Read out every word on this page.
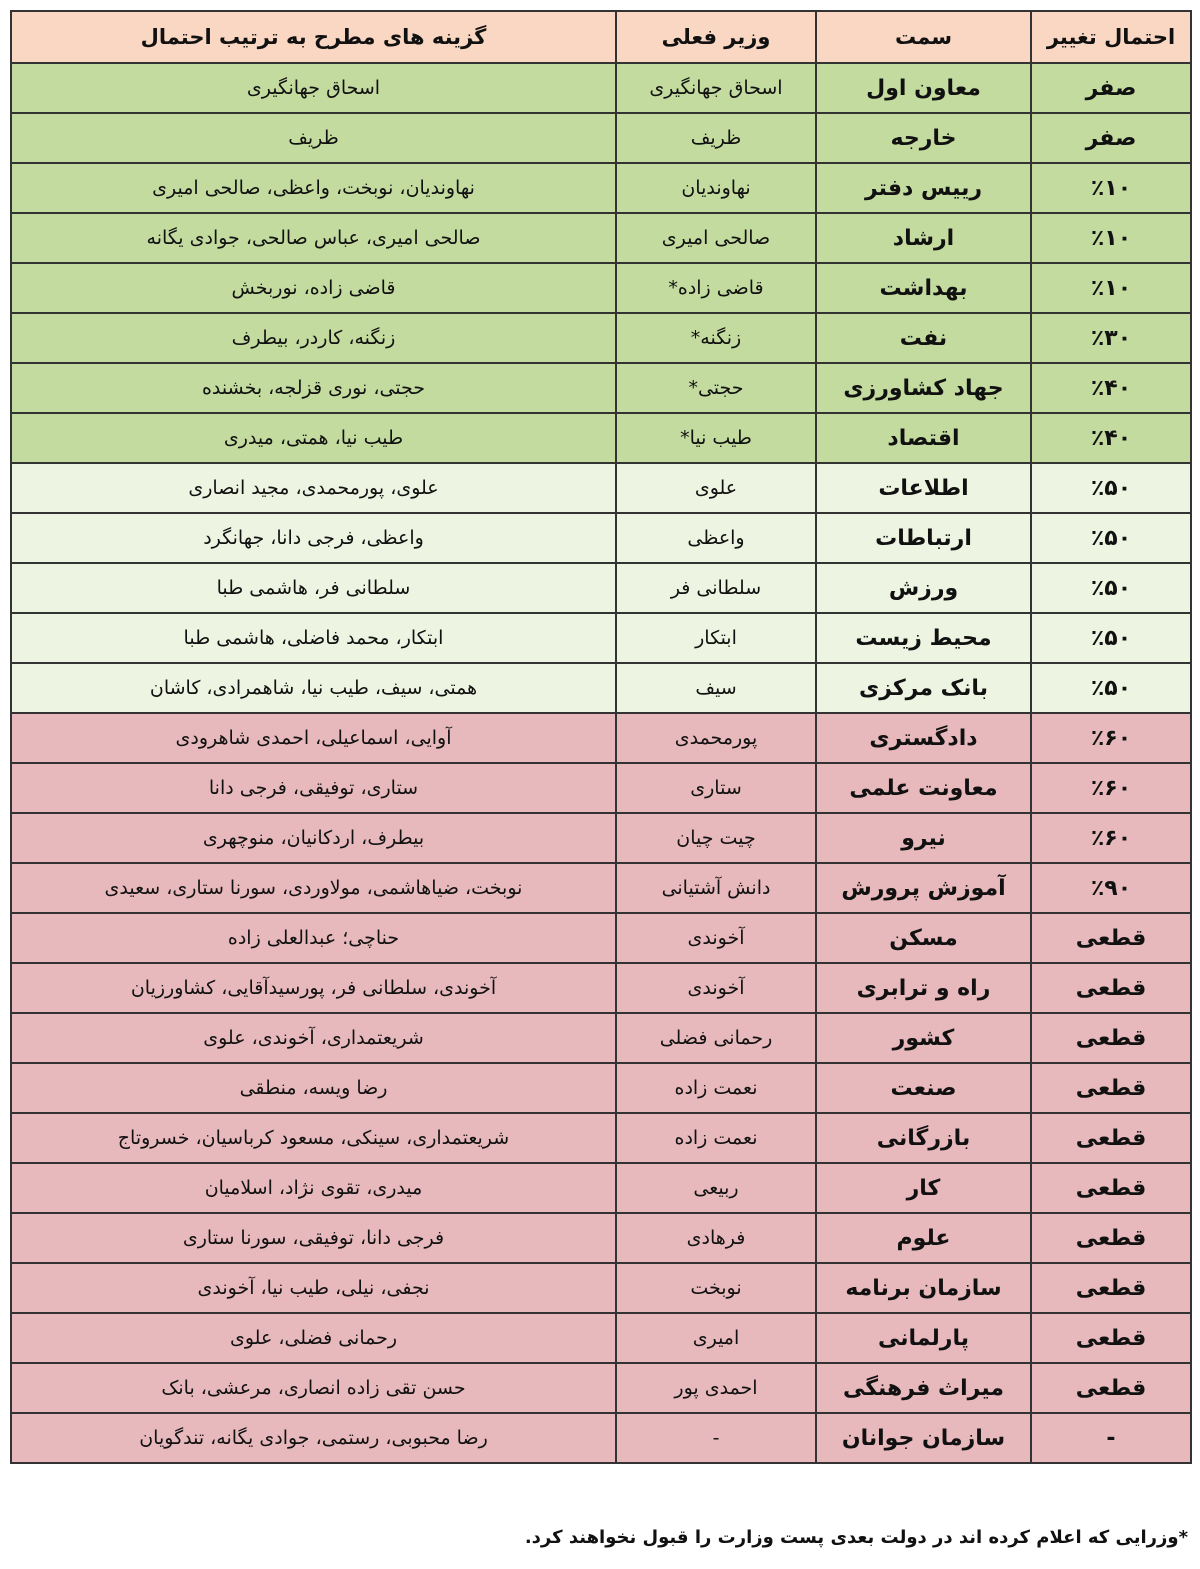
احتمال تغییر	سمت	وزیر فعلی	گزینه های مطرح به ترتیب احتمال
صفر	معاون اول	اسحاق جهانگیری	اسحاق جهانگیری
صفر	خارجه	ظریف	ظریف
٪۱۰	رییس دفتر	نهاوندیان	نهاوندیان، نوبخت، واعظی، صالحی امیری
٪۱۰	ارشاد	صالحی امیری	صالحی امیری، عباس صالحی، جوادی یگانه
٪۱۰	بهداشت	قاضی زاده*	قاضی زاده، نوربخش
٪۳۰	نفت	زنگنه*	زنگنه، کاردر، بیطرف
٪۴۰	جهاد کشاورزی	حجتی*	حجتی، نوری قزلجه، بخشنده
٪۴۰	اقتصاد	طیب نیا*	طیب نیا، همتی، میدری
٪۵۰	اطلاعات	علوی	علوی، پورمحمدی، مجید انصاری
٪۵۰	ارتباطات	واعظی	واعظی، فرجی دانا، جهانگرد
٪۵۰	ورزش	سلطانی فر	سلطانی فر، هاشمی طبا
٪۵۰	محیط زیست	ابتکار	ابتکار، محمد فاضلی، هاشمی طبا
٪۵۰	بانک مرکزی	سیف	همتی، سیف، طیب نیا، شاهمرادی، کاشان
٪۶۰	دادگستری	پورمحمدی	آوایی، اسماعیلی، احمدی شاهرودی
٪۶۰	معاونت علمی	ستاری	ستاری، توفیقی، فرجی دانا
٪۶۰	نیرو	چیت چیان	بیطرف، اردکانیان، منوچهری
٪۹۰	آموزش پرورش	دانش آشتیانی	نوبخت، ضیاهاشمی، مولاوردی، سورنا ستاری، سعیدی
قطعی	مسکن	آخوندی	حناچی؛ عبدالعلی زاده
قطعی	راه و ترابری	آخوندی	آخوندی، سلطانی فر، پورسیدآقایی، کشاورزیان
قطعی	کشور	رحمانی فضلی	شریعتمداری، آخوندی، علوی
قطعی	صنعت	نعمت زاده	رضا ویسه، منطقی
قطعی	بازرگانی	نعمت زاده	شریعتمداری، سینکی، مسعود کرباسیان، خسروتاج
قطعی	کار	ربیعی	میدری، تقوی نژاد، اسلامیان
قطعی	علوم	فرهادی	فرجی دانا، توفیقی، سورنا ستاری
قطعی	سازمان برنامه	نوبخت	نجفی، نیلی، طیب نیا، آخوندی
قطعی	پارلمانی	امیری	رحمانی فضلی، علوی
قطعی	میراث فرهنگی	احمدی پور	حسن تقی زاده انصاری، مرعشی، بانک
-	سازمان جوانان	-	رضا محبوبی، رستمی، جوادی یگانه، تندگویان
*وزرایی که اعلام کرده اند در دولت بعدی پست وزارت را قبول نخواهند کرد.
